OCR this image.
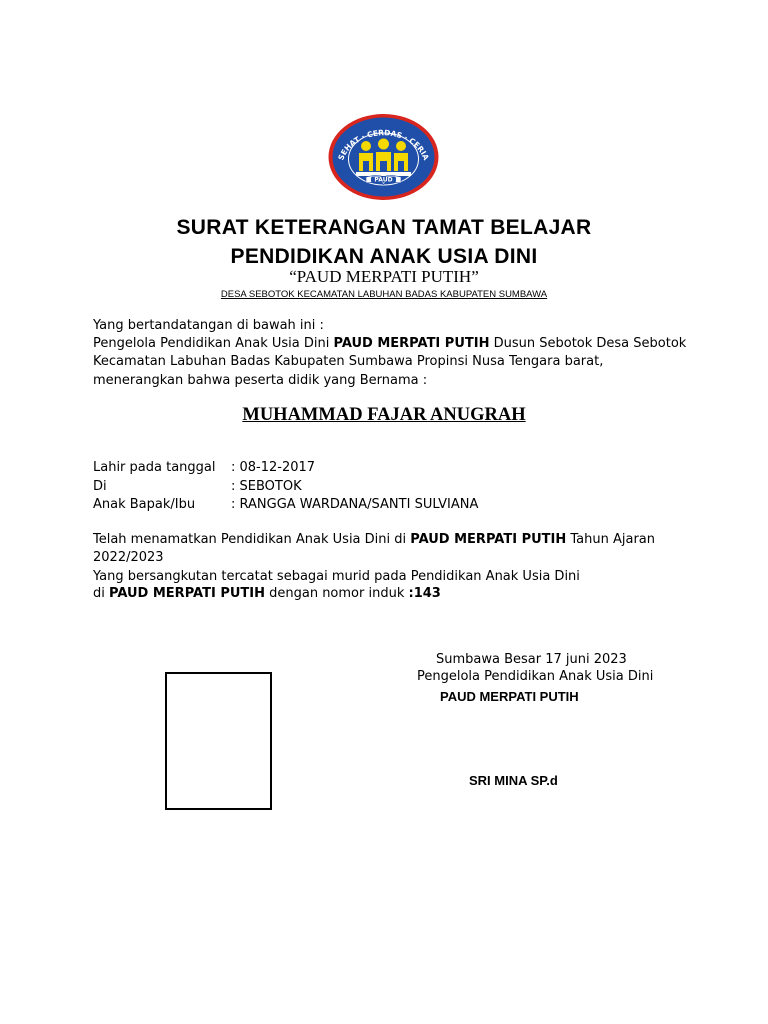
SEHAT · CERDAS · CERIA
PAUD
SURAT KETERANGAN TAMAT BELAJAR
PENDIDIKAN ANAK USIA DINI
“PAUD MERPATI PUTIH”
DESA SEBOTOK KECAMATAN LABUHAN BADAS KABUPATEN SUMBAWA
Yang bertandatangan di bawah ini :
Pengelola Pendidikan Anak Usia Dini PAUD MERPATI PUTIH Dusun Sebotok Desa Sebotok
Kecamatan Labuhan Badas Kabupaten Sumbawa Propinsi Nusa Tengara barat,
menerangkan bahwa peserta didik yang Bernama :
MUHAMMAD FAJAR ANUGRAH
Lahir pada tanggal : 08-12-2017
Di	: SEBOTOK
Anak Bapak/Ibu	: RANGGA WARDANA/SANTI SULVIANA
Telah menamatkan Pendidikan Anak Usia Dini di PAUD MERPATI PUTIH Tahun Ajaran
2022/2023
Yang bersangkutan tercatat sebagai murid pada Pendidikan Anak Usia Dini
di PAUD MERPATI PUTIH dengan nomor induk :143
Sumbawa Besar 17 juni 2023
Pengelola Pendidikan Anak Usia Dini
PAUD MERPATI PUTIH
SRI MINA SP.d
